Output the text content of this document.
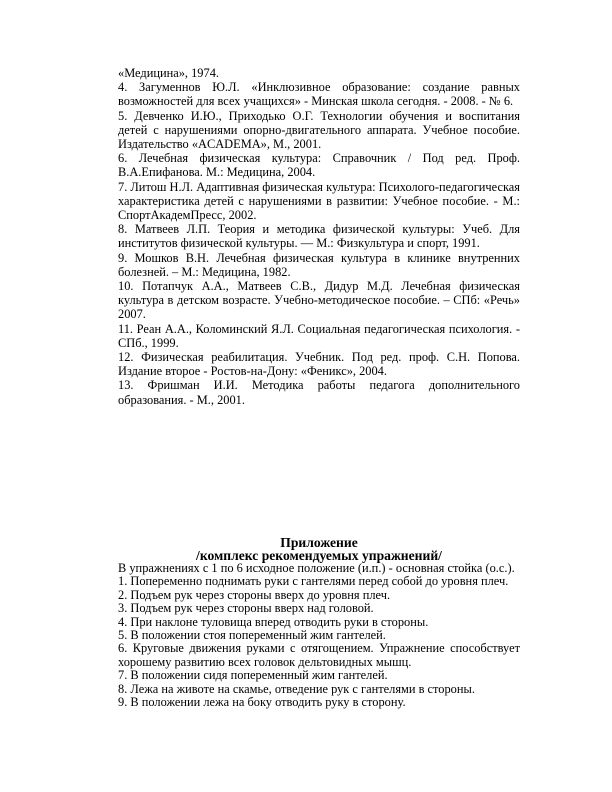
«Медицина», 1974.

4. Загуменнов Ю.Л. «Инклюзивное образование: создание равных возможностей для всех учащихся» - Минская школа сегодня. - 2008. - № 6.

5. Девченко И.Ю., Приходько О.Г. Технологии обучения и воспитания детей с нарушениями опорно-двигательного аппарата. Учебное пособие. Издательство «ACADEMA», М., 2001.

6. Лечебная физическая культура: Справочник / Под ред. Проф. В.А.Епифанова. М.: Медицина, 2004.

7. Литош Н.Л. Адаптивная физическая культура: Психолого-педагогическая характеристика детей с нарушениями в развитии: Учебное пособие. - М.: СпортАкадемПресс, 2002.

8. Матвеев Л.П. Теория и методика физической культуры: Учеб. Для институтов физической культуры. — М.: Физкультура и спорт, 1991.

9. Мошков В.Н. Лечебная физическая культура в клинике внутренних болезней. – М.: Медицина, 1982.

10. Потапчук А.А., Матвеев С.В., Дидур М.Д. Лечебная физическая культура в детском возрасте. Учебно-методическое пособие. – СПб: «Речь» 2007.

11. Реан А.А., Коломинский Я.Л. Социальная педагогическая психология. - СПб., 1999.

12. Физическая реабилитация. Учебник. Под ред. проф. С.Н. Попова. Издание второе - Ростов-на-Дону: «Феникс», 2004.

13. Фришман И.И. Методика работы педагога дополнительного образования. - М., 2001.

Приложение
/комплекс рекомендуемых упражнений/

В упражнениях с 1 по 6 исходное положение (и.п.) - основная стойка (о.с.).

1. Попеременно поднимать руки с гантелями перед собой до уровня плеч.

2. Подъем рук через стороны вверх до уровня плеч.

3. Подъем рук через стороны вверх над головой.

4. При наклоне туловища вперед отводить руки в стороны.

5. В положении стоя попеременный жим гантелей.

6. Круговые движения руками с отягощением. Упражнение способствует хорошему развитию всех головок дельтовидных мышц.

7. В положении сидя попеременный жим гантелей.

8. Лежа на животе на скамье, отведение рук с гантелями в стороны.

9. В положении лежа на боку отводить руку в сторону.
